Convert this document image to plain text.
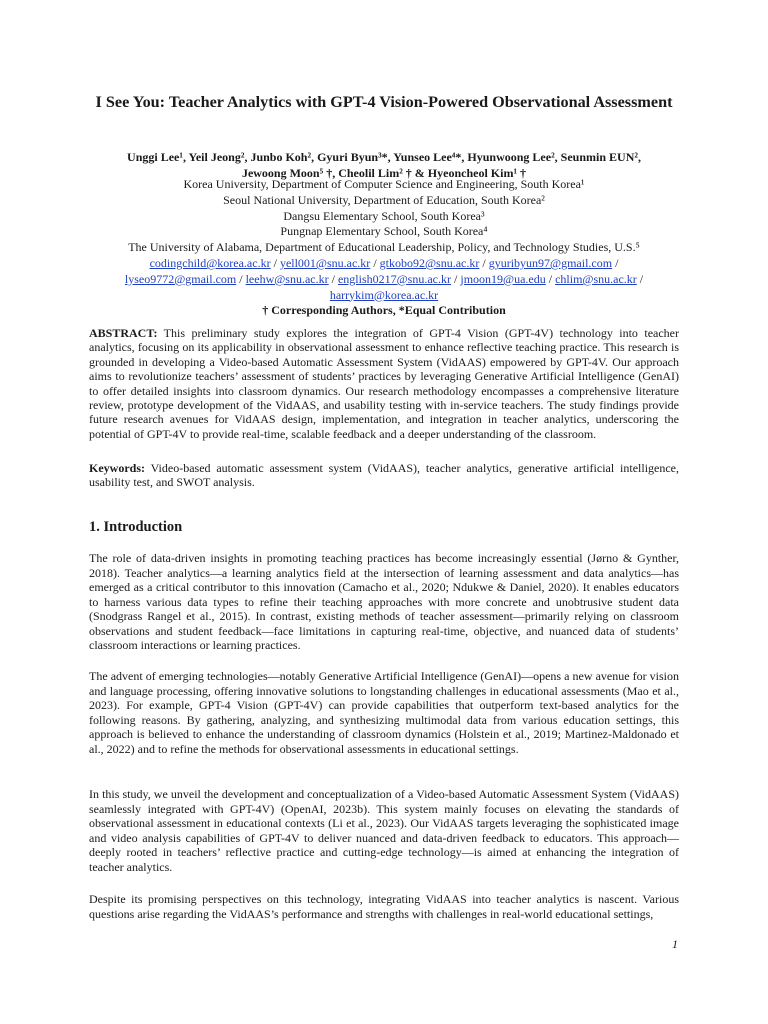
I See You: Teacher Analytics with GPT-4 Vision-Powered Observational Assessment
Unggi Lee¹, Yeil Jeong², Junbo Koh², Gyuri Byun³*, Yunseo Lee⁴*, Hyunwoong Lee², Seunmin EUN²,
Jewoong Moon⁵ †, Cheolil Lim² † & Hyeoncheol Kim¹ †
Korea University, Department of Computer Science and Engineering, South Korea¹
Seoul National University, Department of Education, South Korea²
Dangsu Elementary School, South Korea³
Pungnap Elementary School, South Korea⁴
The University of Alabama, Department of Educational Leadership, Policy, and Technology Studies, U.S.⁵
codingchild@korea.ac.kr / yell001@snu.ac.kr / gtkobo92@snu.ac.kr / gyuribyun97@gmail.com /
lyseo9772@gmail.com / leehw@snu.ac.kr / english0217@snu.ac.kr / jmoon19@ua.edu / chlim@snu.ac.kr /
harrykim@korea.ac.kr
† Corresponding Authors, *Equal Contribution
ABSTRACT: This preliminary study explores the integration of GPT-4 Vision (GPT-4V) technology into teacher analytics, focusing on its applicability in observational assessment to enhance reflective teaching practice. This research is grounded in developing a Video-based Automatic Assessment System (VidAAS) empowered by GPT-4V. Our approach aims to revolutionize teachers’ assessment of students’ practices by leveraging Generative Artificial Intelligence (GenAI) to offer detailed insights into classroom dynamics. Our research methodology encompasses a comprehensive literature review, prototype development of the VidAAS, and usability testing with in-service teachers. The study findings provide future research avenues for VidAAS design, implementation, and integration in teacher analytics, underscoring the potential of GPT-4V to provide real-time, scalable feedback and a deeper understanding of the classroom.
Keywords: Video-based automatic assessment system (VidAAS), teacher analytics, generative artificial intelligence, usability test, and SWOT analysis.
1. Introduction
The role of data-driven insights in promoting teaching practices has become increasingly essential (Jørno & Gynther, 2018). Teacher analytics—a learning analytics field at the intersection of learning assessment and data analytics—has emerged as a critical contributor to this innovation (Camacho et al., 2020; Ndukwe & Daniel, 2020). It enables educators to harness various data types to refine their teaching approaches with more concrete and unobtrusive student data (Snodgrass Rangel et al., 2015). In contrast, existing methods of teacher assessment—primarily relying on classroom observations and student feedback—face limitations in capturing real-time, objective, and nuanced data of students’ classroom interactions or learning practices.
The advent of emerging technologies—notably Generative Artificial Intelligence (GenAI)—opens a new avenue for vision and language processing, offering innovative solutions to longstanding challenges in educational assessments (Mao et al., 2023). For example, GPT-4 Vision (GPT-4V) can provide capabilities that outperform text-based analytics for the following reasons. By gathering, analyzing, and synthesizing multimodal data from various education settings, this approach is believed to enhance the understanding of classroom dynamics (Holstein et al., 2019; Martinez-Maldonado et al., 2022) and to refine the methods for observational assessments in educational settings.
In this study, we unveil the development and conceptualization of a Video-based Automatic Assessment System (VidAAS) seamlessly integrated with GPT-4V) (OpenAI, 2023b). This system mainly focuses on elevating the standards of observational assessment in educational contexts (Li et al., 2023). Our VidAAS targets leveraging the sophisticated image and video analysis capabilities of GPT-4V to deliver nuanced and data-driven feedback to educators. This approach—deeply rooted in teachers’ reflective practice and cutting-edge technology—is aimed at enhancing the integration of teacher analytics.
Despite its promising perspectives on this technology, integrating VidAAS into teacher analytics is nascent. Various questions arise regarding the VidAAS’s performance and strengths with challenges in real-world educational settings,
1
